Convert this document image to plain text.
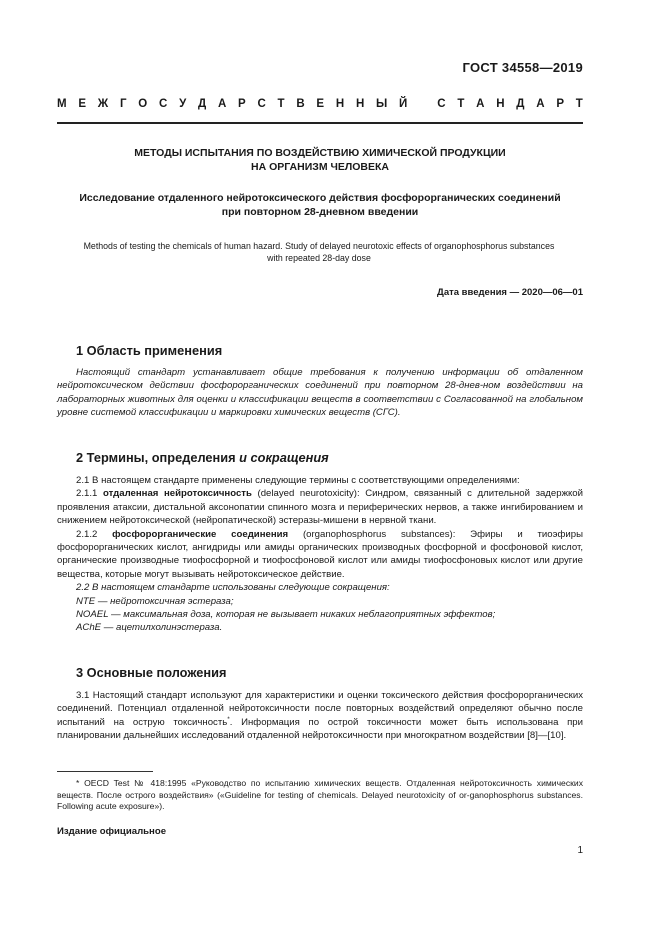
ГОСТ 34558—2019
М Е Ж Г О С У Д А Р С Т В Е Н Н Ы Й
	С Т А Н Д А Р Т
МЕТОДЫ ИСПЫТАНИЯ ПО ВОЗДЕЙСТВИЮ ХИМИЧЕСКОЙ ПРОДУКЦИИ
НА ОРГАНИЗМ ЧЕЛОВЕКА
Исследование отдаленного нейротоксического действия фосфорорганических соединений
при повторном 28-дневном введении
Methods of testing the chemicals of human hazard. Study of delayed neurotoxic effects of organophosphorus substances
with repeated 28-day dose
Дата введения — 2020—06—01
1 Область применения

Настоящий стандарт устанавливает общие требования к получению информации об отдаленном нейротоксическом действии фосфорорганических соединений при повторном 28-днев-ном воздействии на лабораторных животных для оценки и классификации веществ в соответствии с Согласованной на глобальном уровне системой классификации и маркировки химических веществ (СГС).

2 Термины, определения и сокращения

2.1 В настоящем стандарте применены следующие термины с соответствующими определениями:

2.1.1 отдаленная нейротоксичность (delayed neurotoxicity): Синдром, связанный с длительной задержкой проявления атаксии, дистальной аксонопатии спинного мозга и периферических нервов, а также ингибированием и снижением нейротоксической (нейропатической) эстеразы-мишени в нервной ткани.

2.1.2 фосфорорганические соединения (organophosphorus substances): Эфиры и тиоэфиры фосфорорганических кислот, ангидриды или амиды органических производных фосфорной и фосфоновой кислот, органические производные тиофосфорной и тиофосфоновой кислот или амиды тиофосфоновых кислот или другие вещества, которые могут вызывать нейротоксическое действие.

2.2 В настоящем стандарте использованы следующие сокращения:

NTE — нейротоксичная эстераза;

NOAEL — максимальная доза, которая не вызывает никаких неблагоприятных эффектов;

AChE — ацетилхолинэстераза.

3 Основные положения

3.1 Настоящий стандарт используют для характеристики и оценки токсического действия фосфорорганических соединений. Потенциал отдаленной нейротоксичности после повторных воздействий определяют обычно после испытаний на острую токсичность*. Информация по острой токсичности может быть использована при планировании дальнейших исследований отдаленной нейротоксичности при многократном воздействии [8]—[10].

* OECD Test № 418:1995 «Руководство по испытанию химических веществ. Отдаленная нейротоксичность химических веществ. После острого воздействия» («Guideline for testing of chemicals. Delayed neurotoxicity of or-ganophosphorus substances. Following acute exposure»).

Издание официальное
1
